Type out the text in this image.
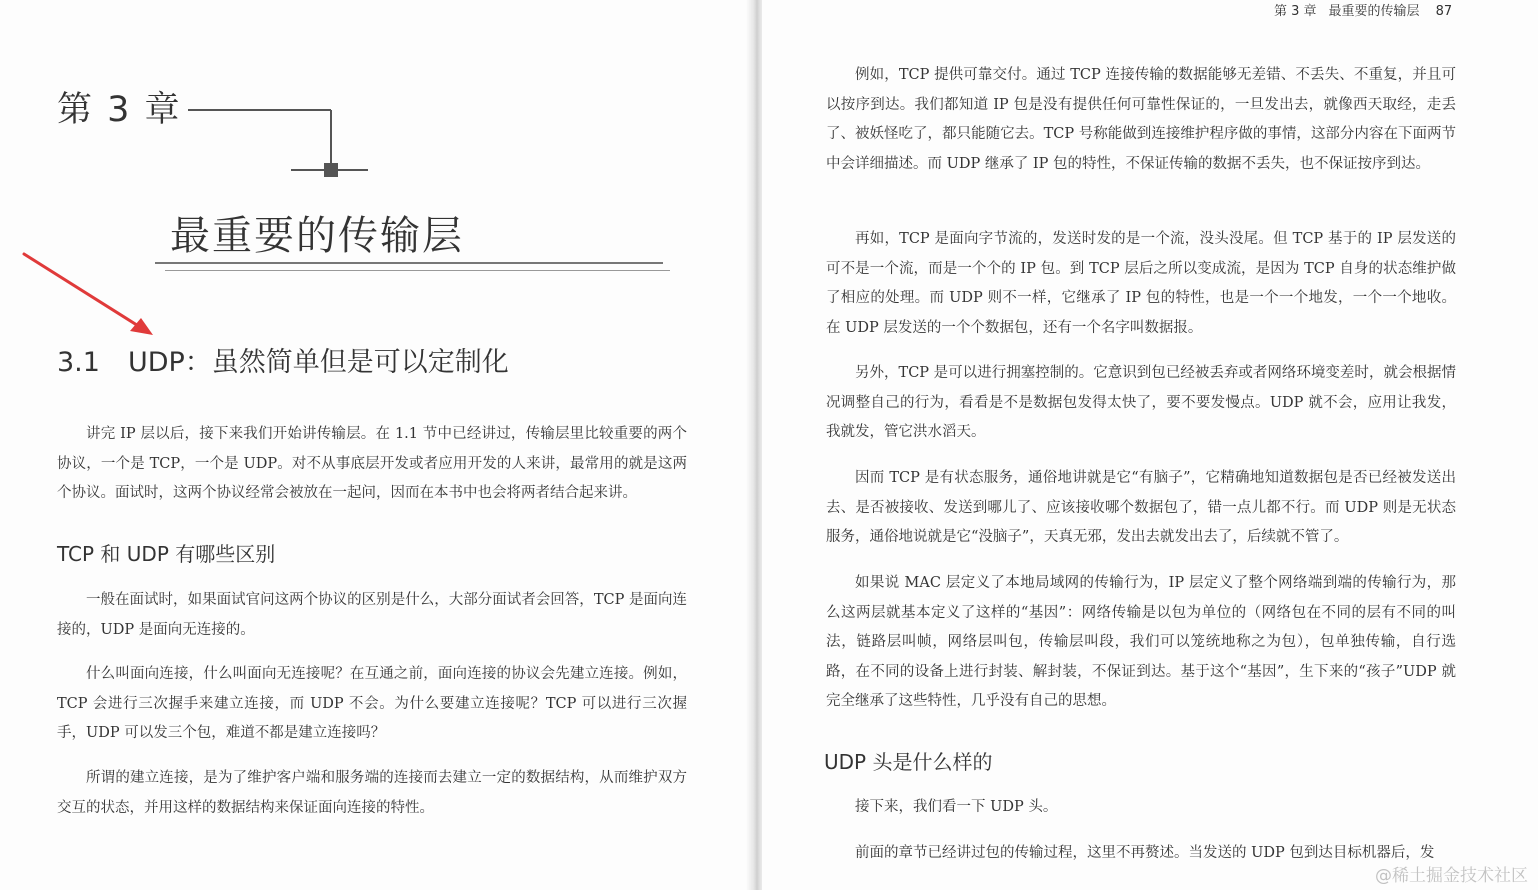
第 3 章
最重要的传输层
3.1 UDP：虽然简单但是可以定制化

讲完 IP 层以后，接下来我们开始讲传输层。在 1.1 节中已经讲过，传输层里比较重要的两个协议，一个是 TCP，一个是 UDP。对不从事底层开发或者应用开发的人来讲，最常用的就是这两个协议。面试时，这两个协议经常会被放在一起问，因而在本书中也会将两者结合起来讲。

TCP 和 UDP 有哪些区别

一般在面试时，如果面试官问这两个协议的区别是什么，大部分面试者会回答，TCP 是面向连接的，UDP 是面向无连接的。

什么叫面向连接，什么叫面向无连接呢？在互通之前，面向连接的协议会先建立连接。例如，TCP 会进行三次握手来建立连接，而 UDP 不会。为什么要建立连接呢？TCP 可以进行三次握手，UDP 可以发三个包，难道不都是建立连接吗？

所谓的建立连接，是为了维护客户端和服务端的连接而去建立一定的数据结构，从而维护双方交互的状态，并用这样的数据结构来保证面向连接的特性。

第 3 章 最重要的传输层 87

例如，TCP 提供可靠交付。通过 TCP 连接传输的数据能够无差错、不丢失、不重复，并且可以按序到达。我们都知道 IP 包是没有提供任何可靠性保证的，一旦发出去，就像西天取经，走丢了、被妖怪吃了，都只能随它去。TCP 号称能做到连接维护程序做的事情，这部分内容在下面两节中会详细描述。而 UDP 继承了 IP 包的特性，不保证传输的数据不丢失，也不保证按序到达。

再如，TCP 是面向字节流的，发送时发的是一个流，没头没尾。但 TCP 基于的 IP 层发送的可不是一个流，而是一个个的 IP 包。到 TCP 层后之所以变成流，是因为 TCP 自身的状态维护做了相应的处理。而 UDP 则不一样，它继承了 IP 包的特性，也是一个一个地发，一个一个地收。在 UDP 层发送的一个个数据包，还有一个名字叫数据报。

另外，TCP 是可以进行拥塞控制的。它意识到包已经被丢弃或者网络环境变差时，就会根据情况调整自己的行为，看看是不是数据包发得太快了，要不要发慢点。UDP 就不会，应用让我发，我就发，管它洪水滔天。

因而 TCP 是有状态服务，通俗地讲就是它“有脑子”，它精确地知道数据包是否已经被发送出去、是否被接收、发送到哪儿了、应该接收哪个数据包了，错一点儿都不行。而 UDP 则是无状态服务，通俗地说就是它“没脑子”，天真无邪，发出去就发出去了，后续就不管了。

如果说 MAC 层定义了本地局域网的传输行为，IP 层定义了整个网络端到端的传输行为，那么这两层就基本定义了这样的“基因”：网络传输是以包为单位的（网络包在不同的层有不同的叫法，链路层叫帧，网络层叫包，传输层叫段，我们可以笼统地称之为包），包单独传输，自行选路，在不同的设备上进行封装、解封装，不保证到达。基于这个“基因”，生下来的“孩子”UDP 就完全继承了这些特性，几乎没有自己的思想。

UDP 头是什么样的

接下来，我们看一下 UDP 头。

前面的章节已经讲过包的传输过程，这里不再赘述。当发送的 UDP 包到达目标机器后，发

@稀土掘金技术社区
